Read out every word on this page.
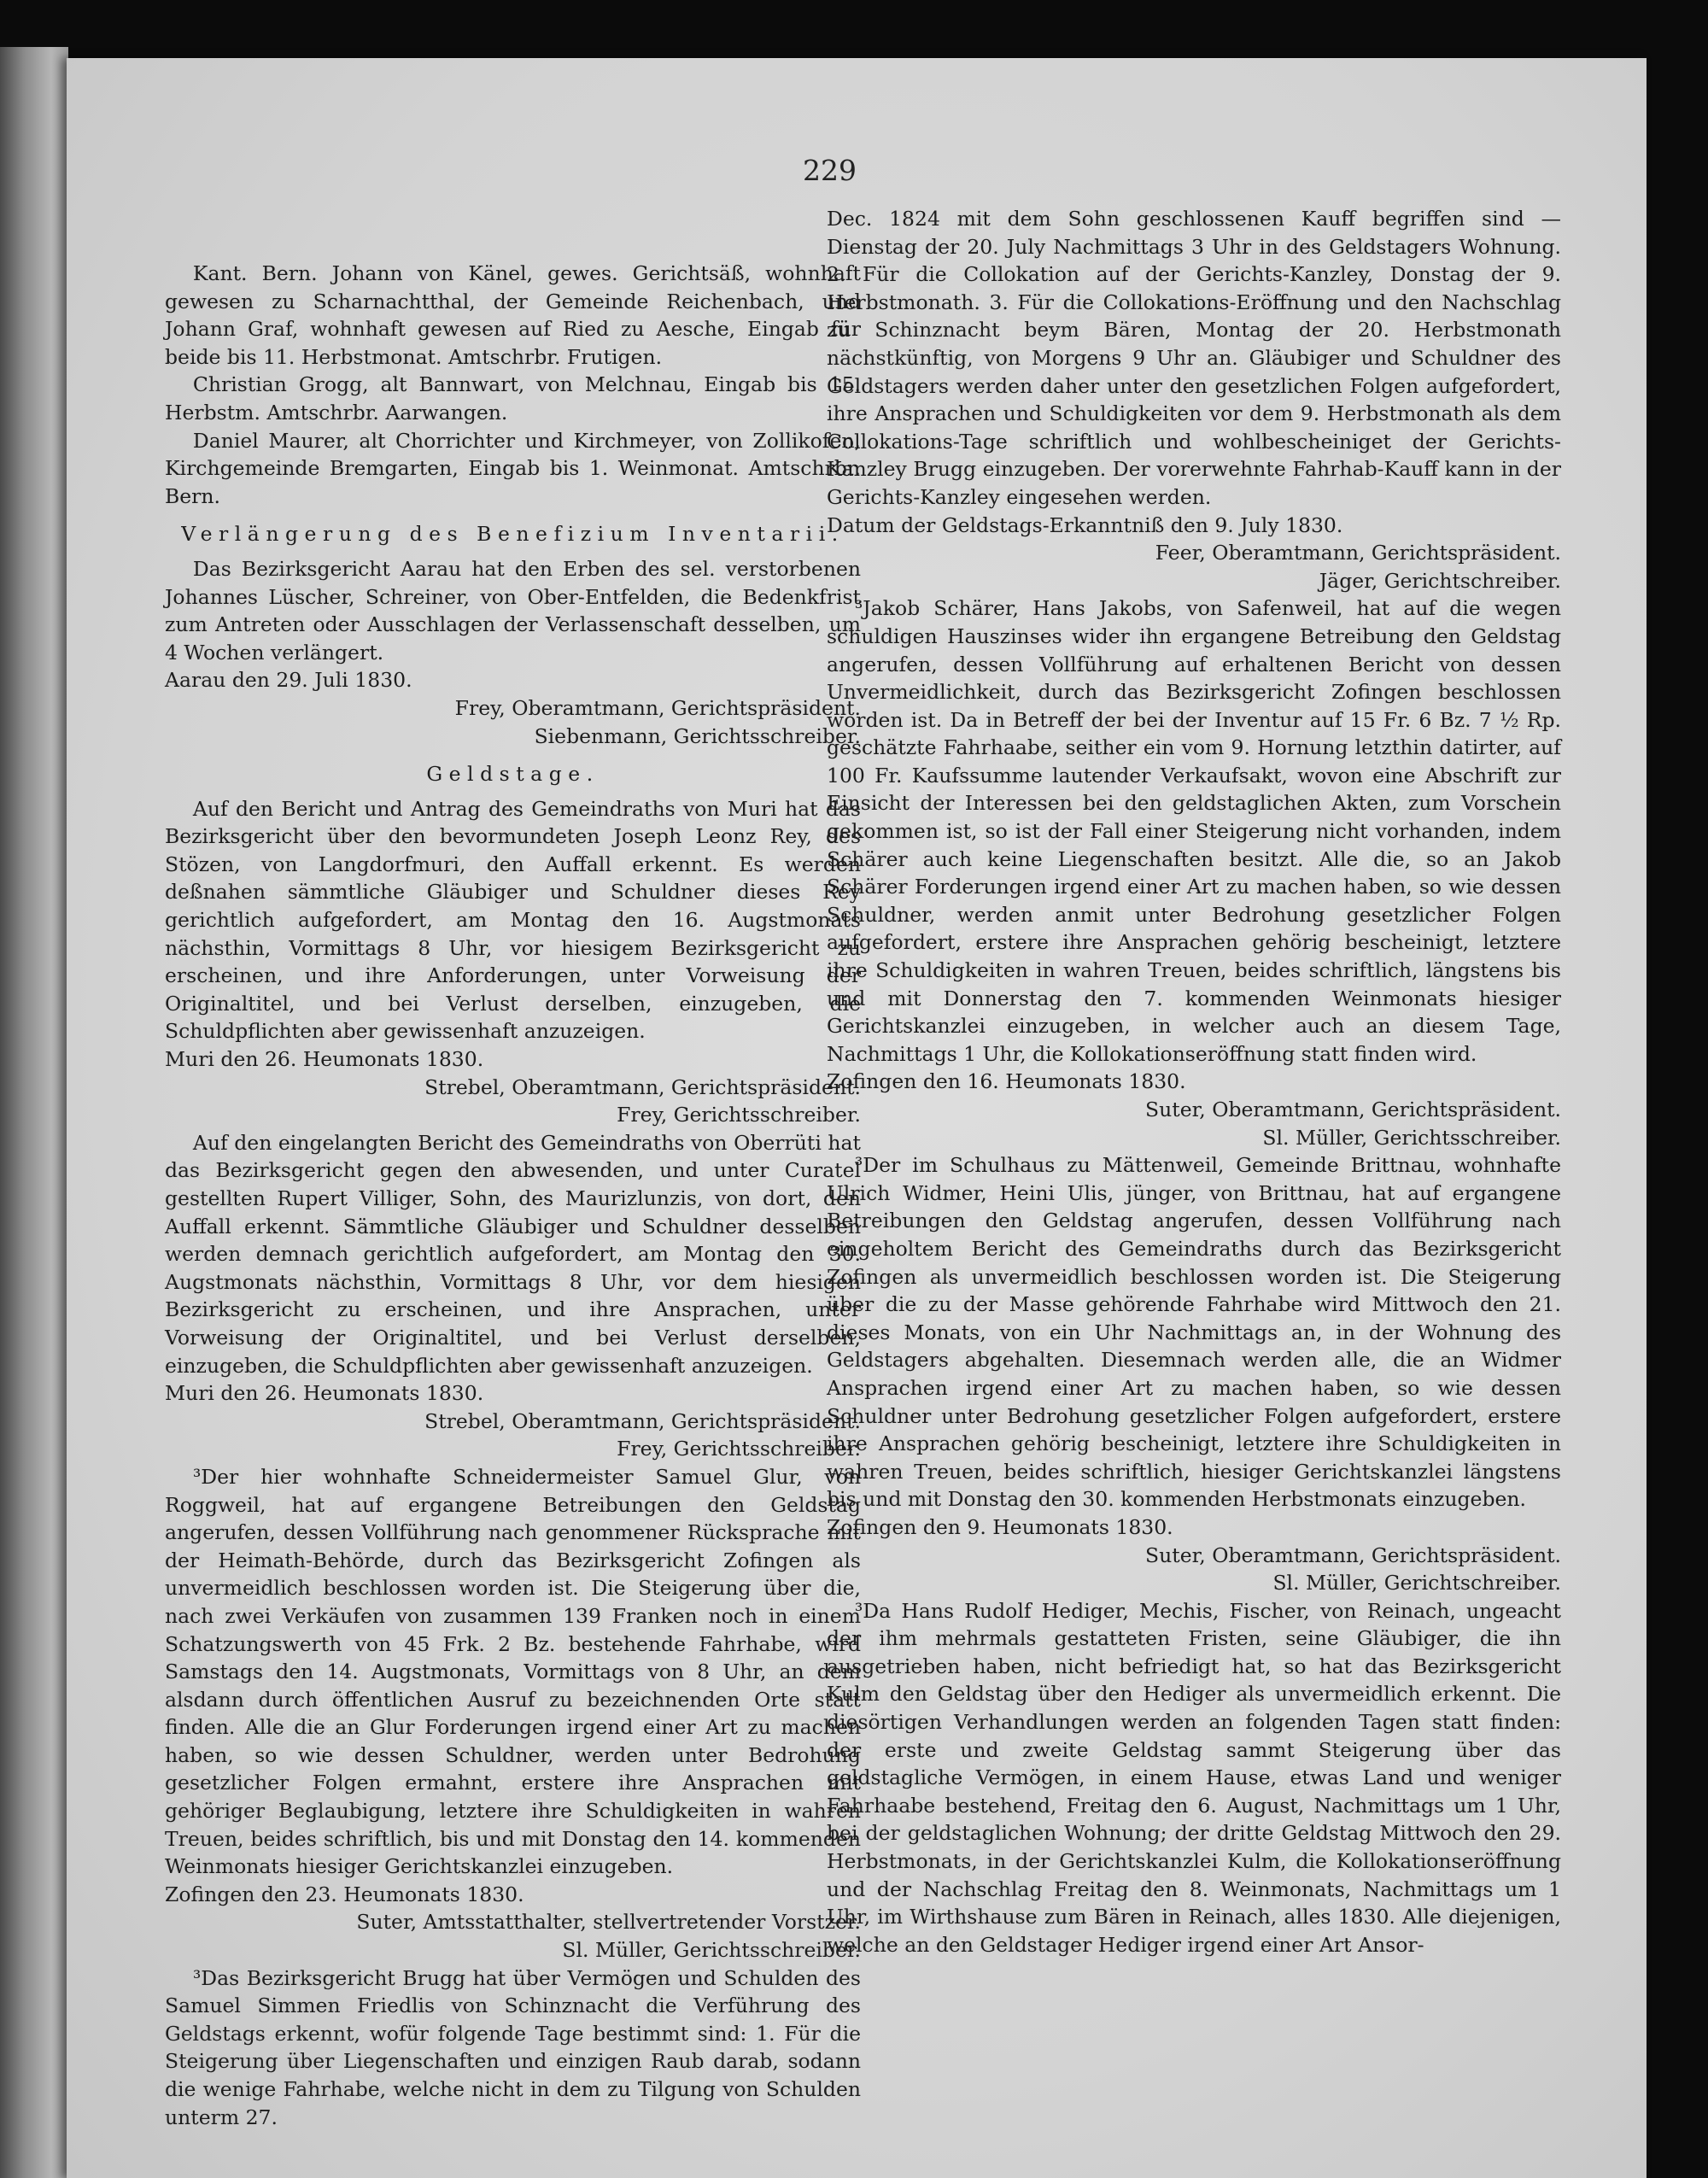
229

Kant. Bern. Johann von Känel, gewes. Gerichtsäß, wohnhaft gewesen zu Scharnachtthal, der Gemeinde Reichenbach, und Johann Graf, wohnhaft gewesen auf Ried zu Aesche, Eingab für beide bis 11. Herbstmonat. Amtschrbr. Frutigen.

Christian Grogg, alt Bannwart, von Melchnau, Eingab bis 15. Herbstm. Amtschrbr. Aarwangen.

Daniel Maurer, alt Chorrichter und Kirchmeyer, von Zollikofen, Kirchgemeinde Bremgarten, Eingab bis 1. Weinmonat. Amtschrbr. Bern.

Verlängerung des Benefizium Inventarii.

Das Bezirksgericht Aarau hat den Erben des sel. verstorbenen Johannes Lüscher, Schreiner, von Ober-Entfelden, die Bedenkfrist zum Antreten oder Ausschlagen der Verlassenschaft desselben, um 4 Wochen verlängert.

Aarau den 29. Juli 1830.

Frey, Oberamtmann, Gerichtspräsident.

Siebenmann, Gerichtsschreiber.

Geldstage.

Auf den Bericht und Antrag des Gemeindraths von Muri hat das Bezirksgericht über den bevormundeten Joseph Leonz Rey, des Stözen, von Langdorfmuri, den Auffall erkennt. Es werden deßnahen sämmtliche Gläubiger und Schuldner dieses Rey gerichtlich aufgefordert, am Montag den 16. Augstmonats nächsthin, Vormittags 8 Uhr, vor hiesigem Bezirksgericht zu erscheinen, und ihre Anforderungen, unter Vorweisung der Originaltitel, und bei Verlust derselben, einzugeben, die Schuldpflichten aber gewissenhaft anzuzeigen.

Muri den 26. Heumonats 1830.

Strebel, Oberamtmann, Gerichtspräsident.

Frey, Gerichtsschreiber.

Auf den eingelangten Bericht des Gemeindraths von Oberrüti hat das Bezirksgericht gegen den abwesenden, und unter Curatel gestellten Rupert Villiger, Sohn, des Maurizlunzis, von dort, den Auffall erkennt. Sämmtliche Gläubiger und Schuldner desselben werden demnach gerichtlich aufgefordert, am Montag den 30. Augstmonats nächsthin, Vormittags 8 Uhr, vor dem hiesigen Bezirksgericht zu erscheinen, und ihre Ansprachen, unter Vorweisung der Originaltitel, und bei Verlust derselben, einzugeben, die Schuldpflichten aber gewissenhaft anzuzeigen.

Muri den 26. Heumonats 1830.

Strebel, Oberamtmann, Gerichtspräsident.

Frey, Gerichtsschreiber.

³Der hier wohnhafte Schneidermeister Samuel Glur, von Roggweil, hat auf ergangene Betreibungen den Geldstag angerufen, dessen Vollführung nach genommener Rücksprache mit der Heimath-Behörde, durch das Bezirksgericht Zofingen als unvermeidlich beschlossen worden ist. Die Steigerung über die, nach zwei Verkäufen von zusammen 139 Franken noch in einem Schatzungswerth von 45 Frk. 2 Bz. bestehende Fahrhabe, wird Samstags den 14. Augstmonats, Vormittags von 8 Uhr, an dem alsdann durch öffentlichen Ausruf zu bezeichnenden Orte statt finden. Alle die an Glur Forderungen irgend einer Art zu machen haben, so wie dessen Schuldner, werden unter Bedrohung gesetzlicher Folgen ermahnt, erstere ihre Ansprachen mit gehöriger Beglaubigung, letztere ihre Schuldigkeiten in wahren Treuen, beides schriftlich, bis und mit Donstag den 14. kommenden Weinmonats hiesiger Gerichtskanzlei einzugeben.

Zofingen den 23. Heumonats 1830.

Suter, Amtsstatthalter, stellvertretender Vorstzer.

Sl. Müller, Gerichtsschreiber.

³Das Bezirksgericht Brugg hat über Vermögen und Schulden des Samuel Simmen Friedlis von Schinznacht die Verführung des Geldstags erkennt, wofür folgende Tage bestimmt sind: 1. Für die Steigerung über Liegenschaften und einzigen Raub darab, sodann die wenige Fahrhabe, welche nicht in dem zu Tilgung von Schulden unterm 27.

Dec. 1824 mit dem Sohn geschlossenen Kauff begriffen sind — Dienstag der 20. July Nachmittags 3 Uhr in des Geldstagers Wohnung. 2. Für die Collokation auf der Gerichts-Kanzley, Donstag der 9. Herbstmonath. 3. Für die Collokations-Eröffnung und den Nachschlag zu Schinznacht beym Bären, Montag der 20. Herbstmonath nächstkünftig, von Morgens 9 Uhr an. Gläubiger und Schuldner des Geldstagers werden daher unter den gesetzlichen Folgen aufgefordert, ihre Ansprachen und Schuldigkeiten vor dem 9. Herbstmonath als dem Collokations-Tage schriftlich und wohlbescheiniget der Gerichts-Kanzley Brugg einzugeben. Der vorerwehnte Fahrhab-Kauff kann in der Gerichts-Kanzley eingesehen werden.

Datum der Geldstags-Erkanntniß den 9. July 1830.

Feer, Oberamtmann, Gerichtspräsident.

Jäger, Gerichtschreiber.

³Jakob Schärer, Hans Jakobs, von Safenweil, hat auf die wegen schuldigen Hauszinses wider ihn ergangene Betreibung den Geldstag angerufen, dessen Vollführung auf erhaltenen Bericht von dessen Unvermeidlichkeit, durch das Bezirksgericht Zofingen beschlossen worden ist. Da in Betreff der bei der Inventur auf 15 Fr. 6 Bz. 7 ½ Rp. geschätzte Fahrhaabe, seither ein vom 9. Hornung letzthin datirter, auf 100 Fr. Kaufssumme lautender Verkaufsakt, wovon eine Abschrift zur Einsicht der Interessen bei den geldstaglichen Akten, zum Vorschein gekommen ist, so ist der Fall einer Steigerung nicht vorhanden, indem Schärer auch keine Liegenschaften besitzt. Alle die, so an Jakob Schärer Forderungen irgend einer Art zu machen haben, so wie dessen Schuldner, werden anmit unter Bedrohung gesetzlicher Folgen aufgefordert, erstere ihre Ansprachen gehörig bescheinigt, letztere ihre Schuldigkeiten in wahren Treuen, beides schriftlich, längstens bis und mit Donnerstag den 7. kommenden Weinmonats hiesiger Gerichtskanzlei einzugeben, in welcher auch an diesem Tage, Nachmittags 1 Uhr, die Kollokationseröffnung statt finden wird.

Zofingen den 16. Heumonats 1830.

Suter, Oberamtmann, Gerichtspräsident.

Sl. Müller, Gerichtsschreiber.

³Der im Schulhaus zu Mättenweil, Gemeinde Brittnau, wohnhafte Ulrich Widmer, Heini Ulis, jünger, von Brittnau, hat auf ergangene Betreibungen den Geldstag angerufen, dessen Vollführung nach eingeholtem Bericht des Gemeindraths durch das Bezirksgericht Zofingen als unvermeidlich beschlossen worden ist. Die Steigerung über die zu der Masse gehörende Fahrhabe wird Mittwoch den 21. dieses Monats, von ein Uhr Nachmittags an, in der Wohnung des Geldstagers abgehalten. Diesemnach werden alle, die an Widmer Ansprachen irgend einer Art zu machen haben, so wie dessen Schuldner unter Bedrohung gesetzlicher Folgen aufgefordert, erstere ihre Ansprachen gehörig bescheinigt, letztere ihre Schuldigkeiten in wahren Treuen, beides schriftlich, hiesiger Gerichtskanzlei längstens bis und mit Donstag den 30. kommenden Herbstmonats einzugeben.

Zofingen den 9. Heumonats 1830.

Suter, Oberamtmann, Gerichtspräsident.

Sl. Müller, Gerichtschreiber.

³Da Hans Rudolf Hediger, Mechis, Fischer, von Reinach, ungeacht der ihm mehrmals gestatteten Fristen, seine Gläubiger, die ihn ausgetrieben haben, nicht befriedigt hat, so hat das Bezirksgericht Kulm den Geldstag über den Hediger als unvermeidlich erkennt. Die diesörtigen Verhandlungen werden an folgenden Tagen statt finden: der erste und zweite Geldstag sammt Steigerung über das geldstagliche Vermögen, in einem Hause, etwas Land und weniger Fahrhaabe bestehend, Freitag den 6. August, Nachmittags um 1 Uhr, bei der geldstaglichen Wohnung; der dritte Geldstag Mittwoch den 29. Herbstmonats, in der Gerichtskanzlei Kulm, die Kollokationseröffnung und der Nachschlag Freitag den 8. Weinmonats, Nachmittags um 1 Uhr, im Wirthshause zum Bären in Reinach, alles 1830. Alle diejenigen, welche an den Geldstager Hediger irgend einer Art Ansor-
